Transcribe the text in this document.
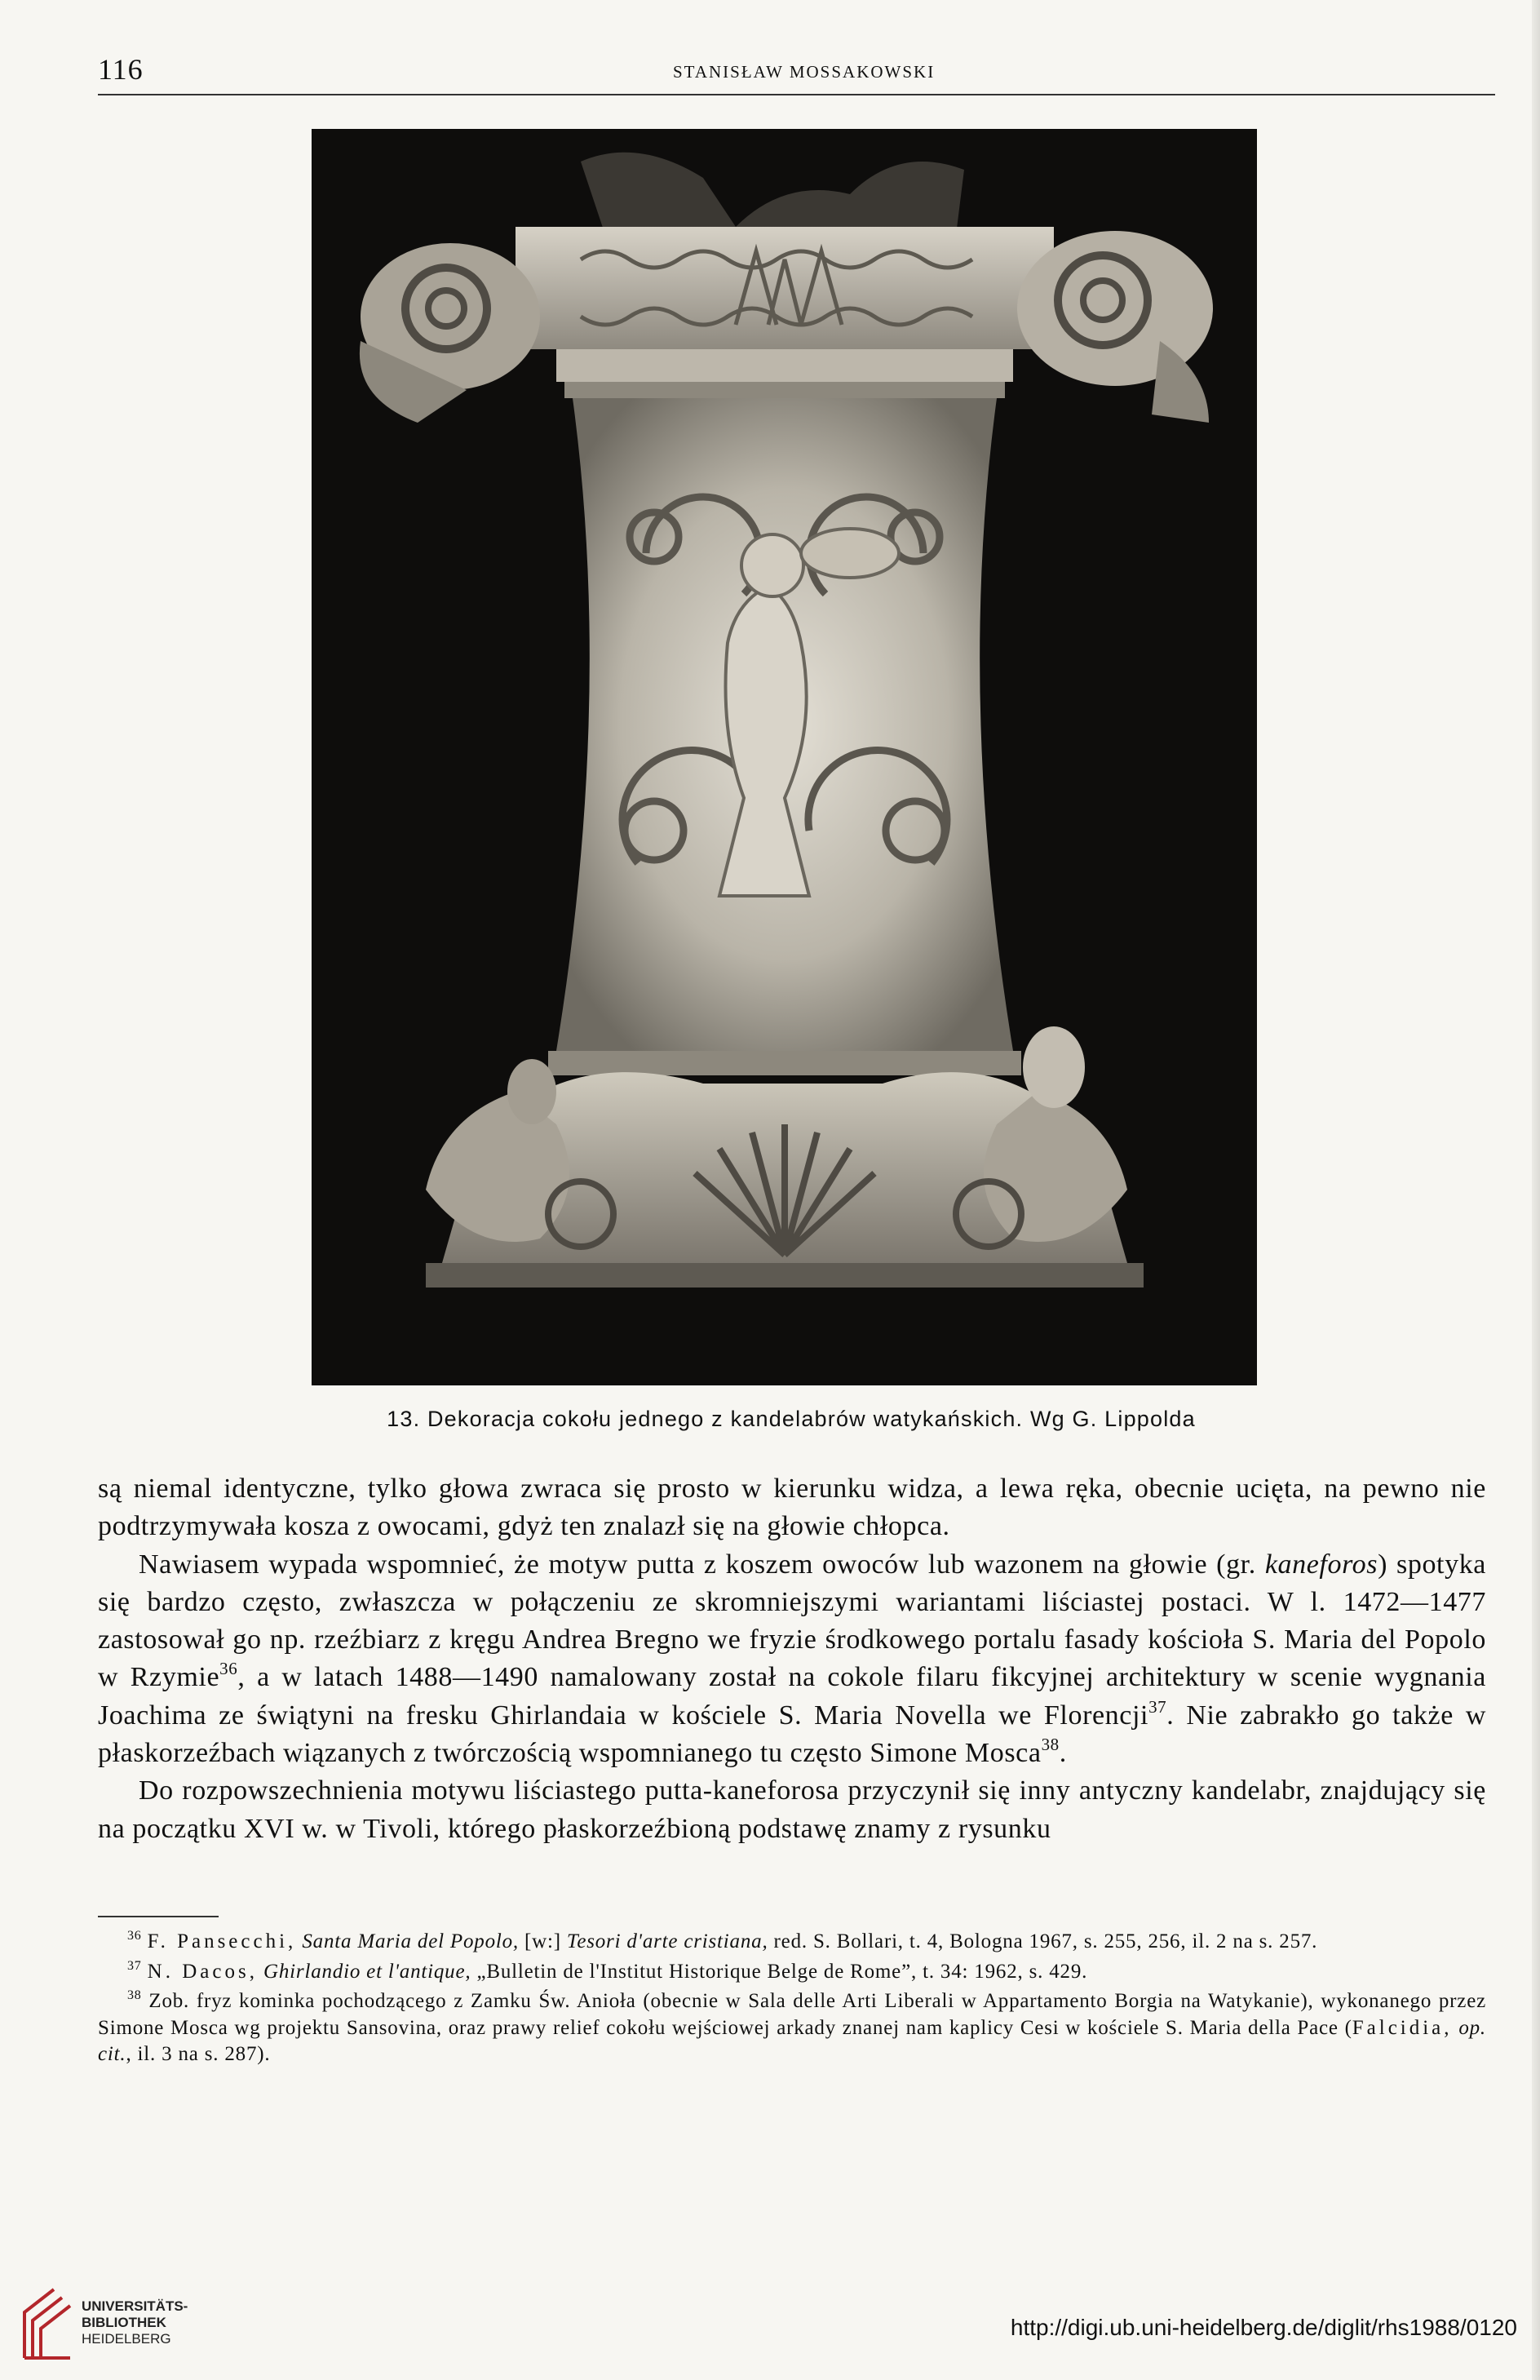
116	STANISŁAW MOSSAKOWSKI
13. Dekoracja cokołu jednego z kandelabrów watykańskich. Wg G. Lippolda

są niemal identyczne, tylko głowa zwraca się prosto w kierunku widza, a lewa ręka, obecnie ucięta, na pewno nie podtrzymywała kosza z owocami, gdyż ten znalazł się na głowie chłopca.

Nawiasem wypada wspomnieć, że motyw putta z koszem owoców lub wazonem na głowie (gr. kaneforos) spotyka się bardzo często, zwłaszcza w połączeniu ze skromniejszymi wariantami liściastej postaci. W l. 1472—1477 zastosował go np. rzeźbiarz z kręgu Andrea Bregno we fryzie środkowego portalu fasady kościoła S. Maria del Popolo w Rzymie$^{36}$, a w latach 1488—1490 namalowany został na cokole filaru fikcyjnej architektury w scenie wygnania Joachima ze świątyni na fresku Ghirlandaia w kościele S. Maria Novella we Florencji$^{37}$. Nie zabrakło go także w płaskorzeźbach wiązanych z twórczością wspomnianego tu często Simone Mosca$^{38}$.

Do rozpowszechnienia motywu liściastego putta-kaneforosa przyczynił się inny antyczny kandelabr, znajdujący się na początku XVI w. w Tivoli, którego płaskorzeźbioną podstawę znamy z rysunku

$^{36}$ F. Pansecchi, Santa Maria del Popolo, [w:] Tesori d'arte cristiana, red. S. Bollari, t. 4, Bologna 1967, s. 255, 256, il. 2 na s. 257.

$^{37}$ N. Dacos, Ghirlandio et l'antique, „Bulletin de l'Institut Historique Belge de Rome”, t. 34: 1962, s. 429.

$^{38}$ Zob. fryz kominka pochodzącego z Zamku Św. Anioła (obecnie w Sala delle Arti Liberali w Appartamento Borgia na Watykanie), wykonanego przez Simone Mosca wg projektu Sansovina, oraz prawy relief cokołu wejściowej arkady znanej nam kaplicy Cesi w kościele S. Maria della Pace (Falcidia, op. cit., il. 3 na s. 287).

UNIVERSITÄTS-
BIBLIOTHEK
HEIDELBERG	http://digi.ub.uni-heidelberg.de/diglit/rhs1988/0120
